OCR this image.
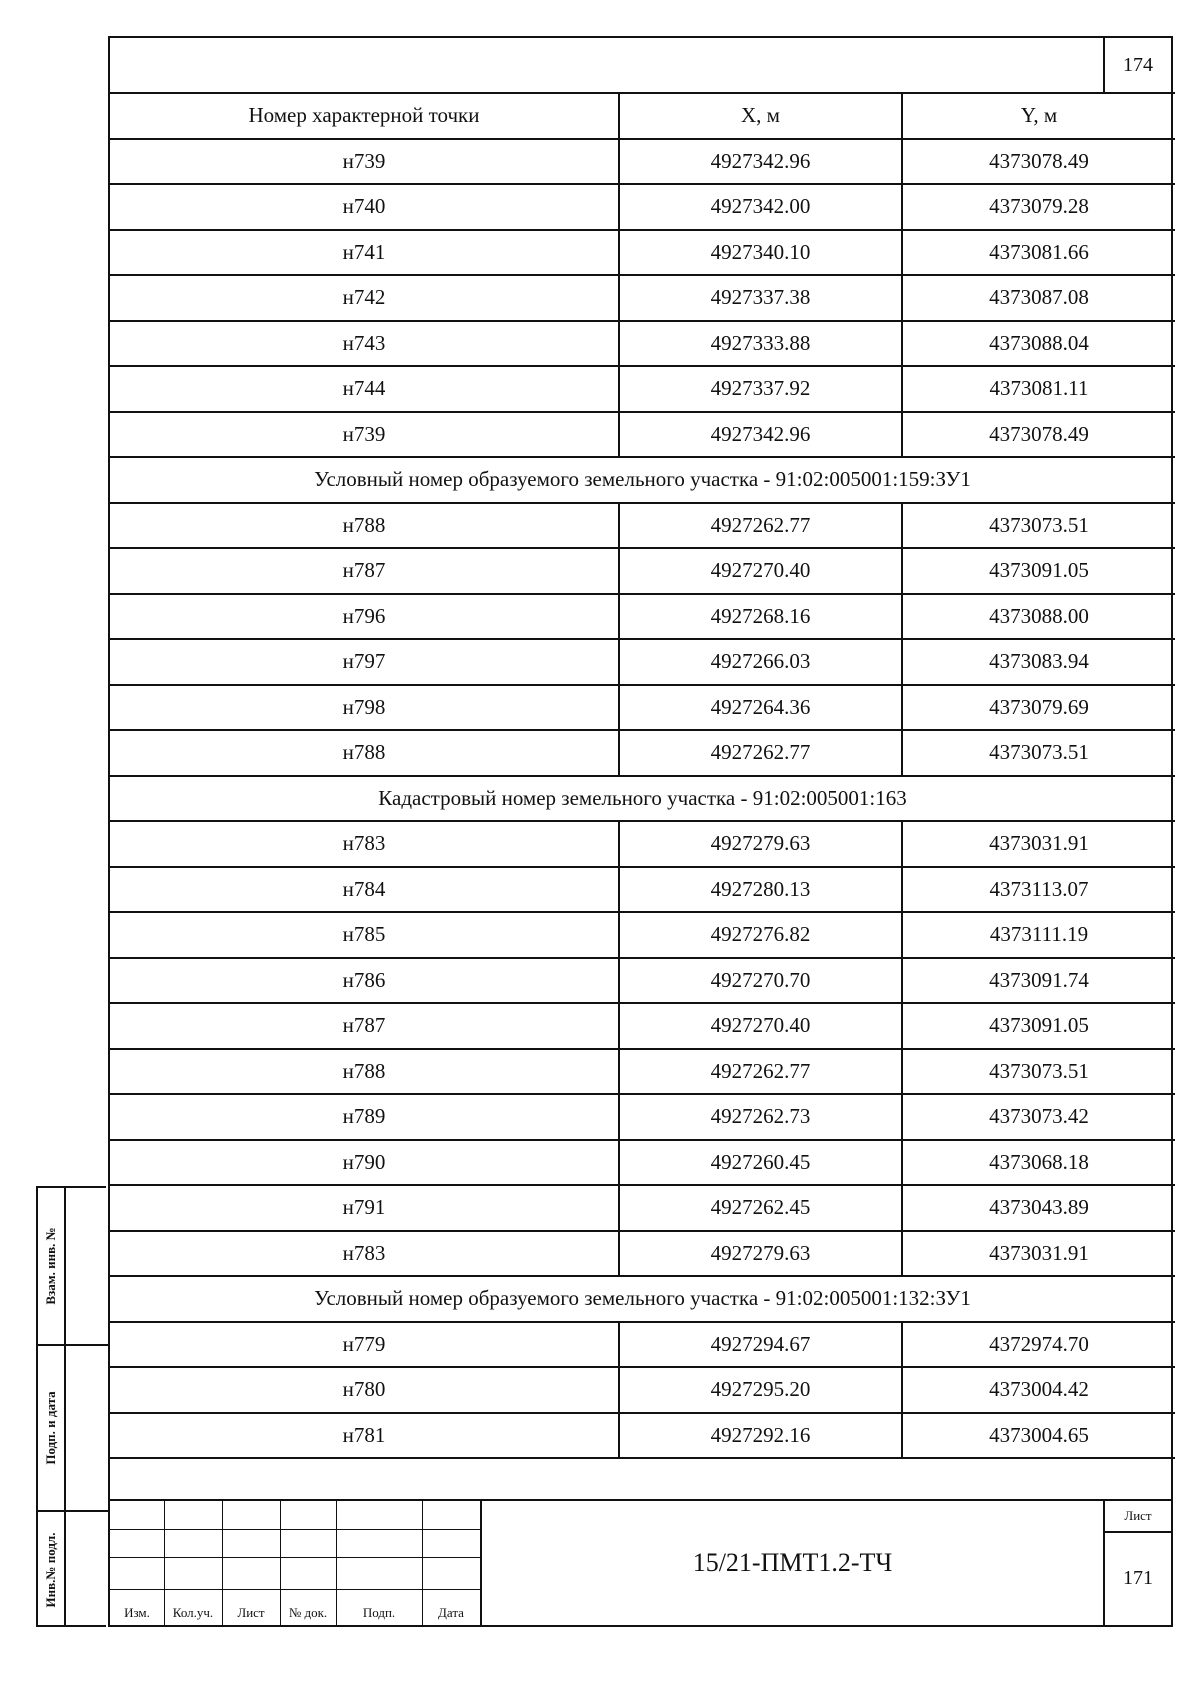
Взам. инв. №
Подп. и дата
Инв.№ подл.
174
Номер характерной точки	X, м	Y, м
н739	4927342.96	4373078.49
н740	4927342.00	4373079.28
н741	4927340.10	4373081.66
н742	4927337.38	4373087.08
н743	4927333.88	4373088.04
н744	4927337.92	4373081.11
н739	4927342.96	4373078.49
Условный номер образуемого земельного участка - 91:02:005001:159:ЗУ1		
н788	4927262.77	4373073.51
н787	4927270.40	4373091.05
н796	4927268.16	4373088.00
н797	4927266.03	4373083.94
н798	4927264.36	4373079.69
н788	4927262.77	4373073.51
Кадастровый номер земельного участка - 91:02:005001:163		
н783	4927279.63	4373031.91
н784	4927280.13	4373113.07
н785	4927276.82	4373111.19
н786	4927270.70	4373091.74
н787	4927270.40	4373091.05
н788	4927262.77	4373073.51
н789	4927262.73	4373073.42
н790	4927260.45	4373068.18
н791	4927262.45	4373043.89
н783	4927279.63	4373031.91
Условный номер образуемого земельного участка - 91:02:005001:132:ЗУ1		
н779	4927294.67	4372974.70
н780	4927295.20	4373004.42
н781	4927292.16	4373004.65
Изм.	Кол.уч.	Лист	№ док.	Подп.	Дата
15/21-ПМТ1.2-ТЧ
Лист
171
